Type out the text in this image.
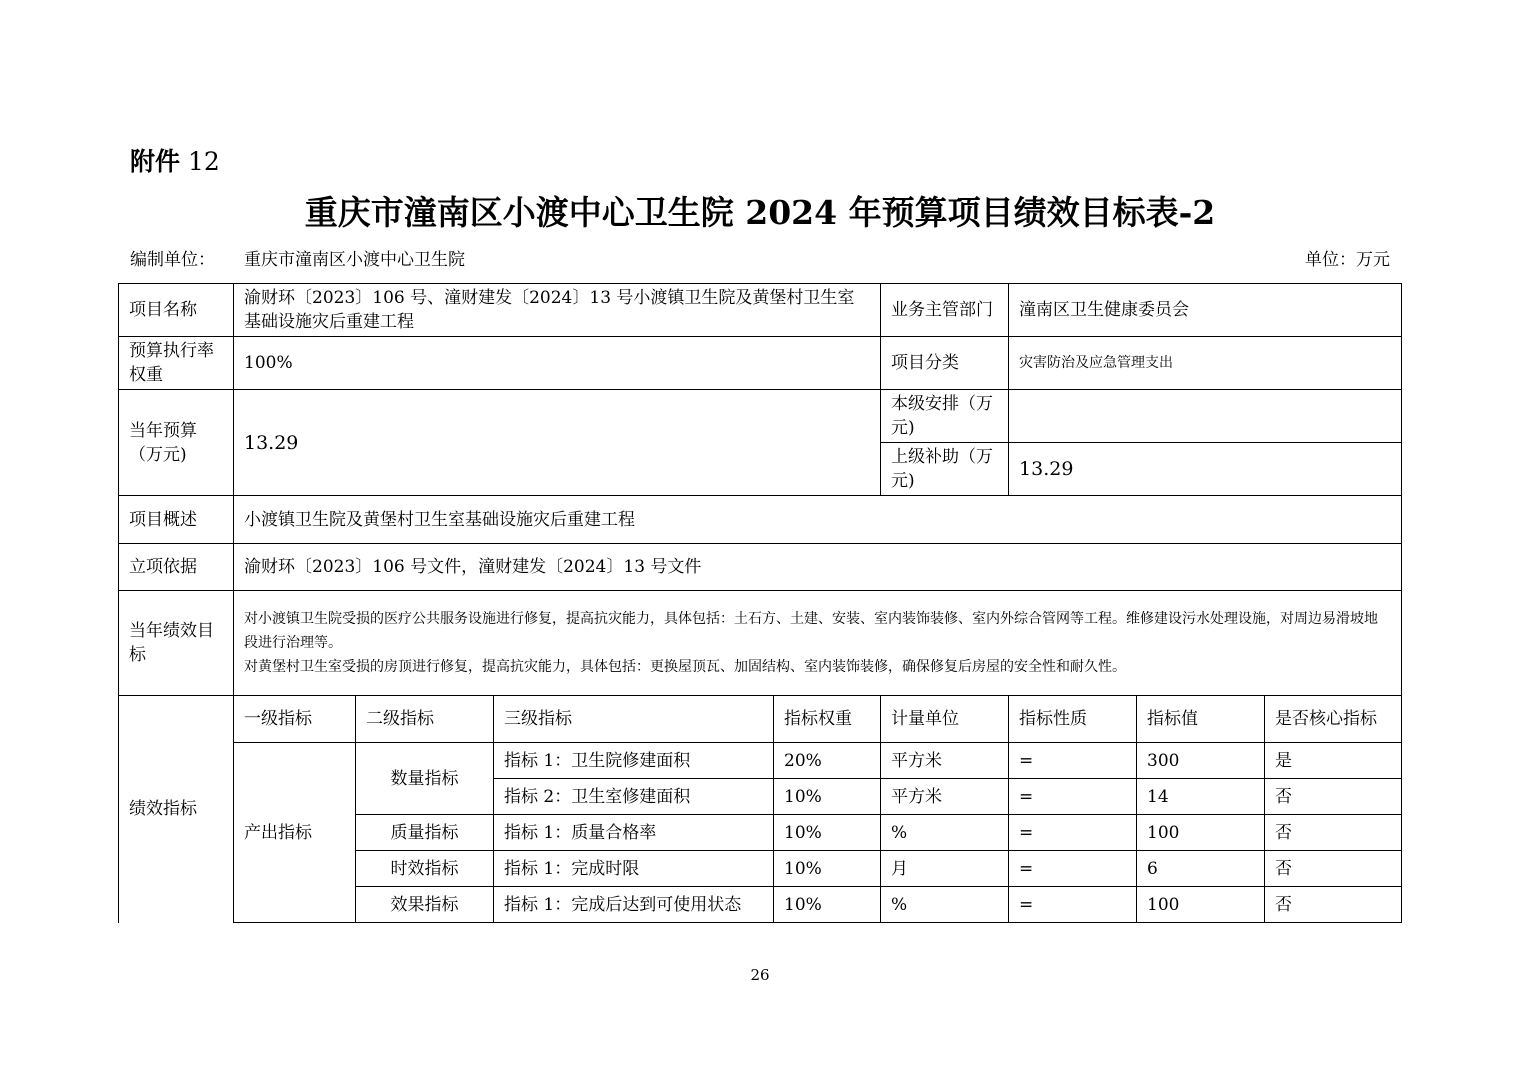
附件 12
重庆市潼南区小渡中心卫生院 2024 年预算项目绩效目标表-2
编制单位： 重庆市潼南区小渡中心卫生院	单位：万元
项目名称	渝财环〔2023〕106 号、潼财建发〔2024〕13 号小渡镇卫生院及黄堡村卫生室基础设施灾后重建工程				业务主管部门	潼南区卫生健康委员会		
预算执行率权重	100%				项目分类	灾害防治及应急管理支出		
当年预算（万元)	13.29				本级安排（万元)			
					上级补助（万元)	13.29		
项目概述	小渡镇卫生院及黄堡村卫生室基础设施灾后重建工程							
立项依据	渝财环〔2023〕106 号文件，潼财建发〔2024〕13 号文件							
当年绩效目标	对小渡镇卫生院受损的医疗公共服务设施进行修复，提高抗灾能力，具体包括：土石方、土建、安装、室内装饰装修、室内外综合管网等工程。维修建设污水处理设施，对周边易滑坡地段进行治理等。
对黄堡村卫生室受损的房顶进行修复，提高抗灾能力，具体包括：更换屋顶瓦、加固结构、室内装饰装修，确保修复后房屋的安全性和耐久性。							

绩效指标	一级指标	二级指标	三级指标	指标权重	计量单位	指标性质	指标值	是否核心指标
	产出指标	数量指标	指标 1：卫生院修建面积	20%	平方米	=	300	是
			指标 2：卫生室修建面积	10%	平方米	=	14	否
		质量指标	指标 1：质量合格率	10%	%	=	100	否
		时效指标	指标 1：完成时限	10%	月	=	6	否
		效果指标	指标 1：完成后达到可使用状态	10%	%	=	100	否
26
